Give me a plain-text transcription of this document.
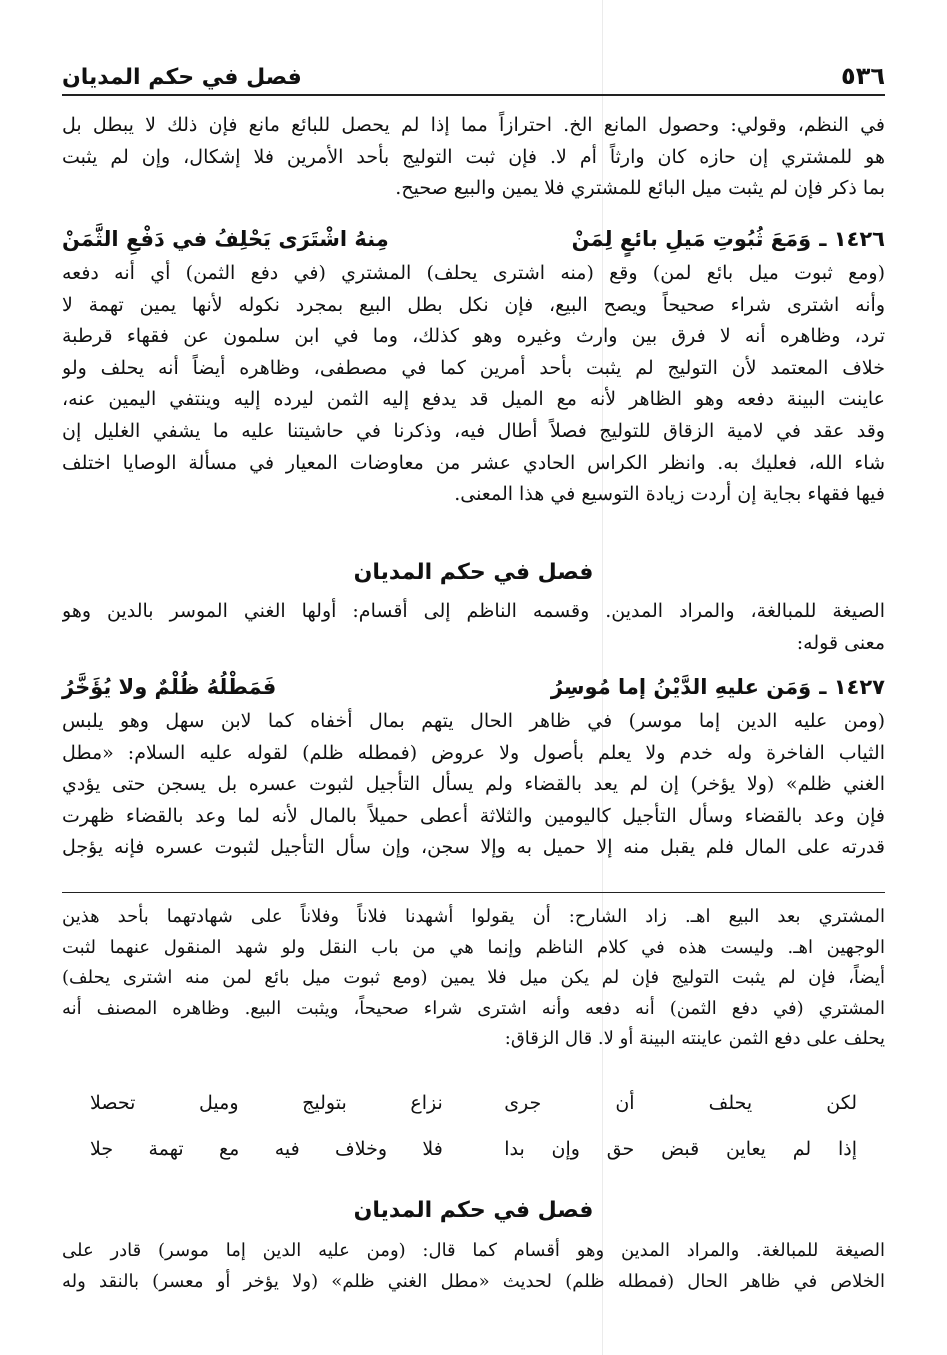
٥٣٦
فصل في حكم المديان
في النظم، وقولي: وحصول المانع الخ. احترازاً مما إذا لم يحصل للبائع مانع فإن ذلك لا يبطل بل
هو للمشتري إن حازه كان وارثاً أم لا. فإن ثبت التوليج بأحد الأمرين فلا إشكال، وإن لم يثبت
بما ذكر فإن لم يثبت ميل البائع للمشتري فلا يمين والبيع صحيح.
١٤٢٦ ـ
وَمَعَ ثُبُوتِ مَيلِ بائعٍ لِمَنْ
مِنهُ اشْتَرَى يَحْلِفُ في دَفْعِ الثَّمَنْ
(ومع ثبوت ميل بائع لمن) وقع (منه اشترى يحلف) المشتري (في دفع الثمن) أي أنه دفعه
وأنه اشترى شراء صحيحاً ويصح البيع، فإن نكل بطل البيع بمجرد نكوله لأنها يمين تهمة لا
ترد، وظاهره أنه لا فرق بين وارث وغيره وهو كذلك، وما في ابن سلمون عن فقهاء قرطبة
خلاف المعتمد لأن التوليج لم يثبت بأحد أمرين كما في مصطفى، وظاهره أيضاً أنه يحلف ولو
عاينت البينة دفعه وهو الظاهر لأنه مع الميل قد يدفع إليه الثمن ليرده إليه وينتفي اليمين عنه،
وقد عقد في لامية الزقاق للتوليج فصلاً أطال فيه، وذكرنا في حاشيتنا عليه ما يشفي الغليل إن
شاء الله، فعليك به. وانظر الكراس الحادي عشر من معاوضات المعيار في مسألة الوصايا اختلف
فيها فقهاء بجاية إن أردت زيادة التوسيع في هذا المعنى.
فصل في حكم المديان
الصيغة للمبالغة، والمراد المدين. وقسمه الناظم إلى أقسام: أولها الغني الموسر بالدين وهو
معنى قوله:
١٤٢٧ ـ
وَمَن عليهِ الدَّيْنُ إما مُوسِرُ
فَمَطْلُهُ ظُلْمٌ ولا يُؤَخَّرُ
(ومن عليه الدين إما موسر) في ظاهر الحال يتهم بمال أخفاه كما لابن سهل وهو يلبس
الثياب الفاخرة وله خدم ولا يعلم بأصول ولا عروض (فمطله ظلم) لقوله عليه السلام: «مطل
الغني ظلم» (ولا يؤخر) إن لم يعد بالقضاء ولم يسأل التأجيل لثبوت عسره بل يسجن حتى يؤدي
فإن وعد بالقضاء وسأل التأجيل كاليومين والثلاثة أعطى حميلاً بالمال لأنه لما وعد بالقضاء ظهرت
قدرته على المال فلم يقبل منه إلا حميل به وإلا سجن، وإن سأل التأجيل لثبوت عسره فإنه يؤجل
المشتري بعد البيع اهـ. زاد الشارح: أن يقولوا أشهدنا فلاناً وفلاناً على شهادتهما بأحد هذين
الوجهين اهـ. وليست هذه في كلام الناظم وإنما هي من باب النقل ولو شهد المنقول عنهما لثبت
أيضاً، فإن لم يثبت التوليج فإن لم يكن ميل فلا يمين (ومع ثبوت ميل بائع لمن منه اشترى يحلف)
المشتري (في دفع الثمن) أنه دفعه وأنه اشترى شراء صحيحاً، ويثبت البيع. وظاهره المصنف أنه
يحلف على دفع الثمن عاينته البينة أو لا. قال الزقاق:
لكن يحلف أن جرى
نزاع بتوليج وميل تحصلا
إذا لم يعاين قبض حق وإن بدا
فلا وخلاف فيه مع تهمة جلا
فصل في حكم المديان
الصيغة للمبالغة. والمراد المدين وهو أقسام كما قال: (ومن عليه الدين إما موسر) قادر على
الخلاص في ظاهر الحال (فمطله ظلم) لحديث «مطل الغني ظلم» (ولا يؤخر أو معسر) بالنقد وله
